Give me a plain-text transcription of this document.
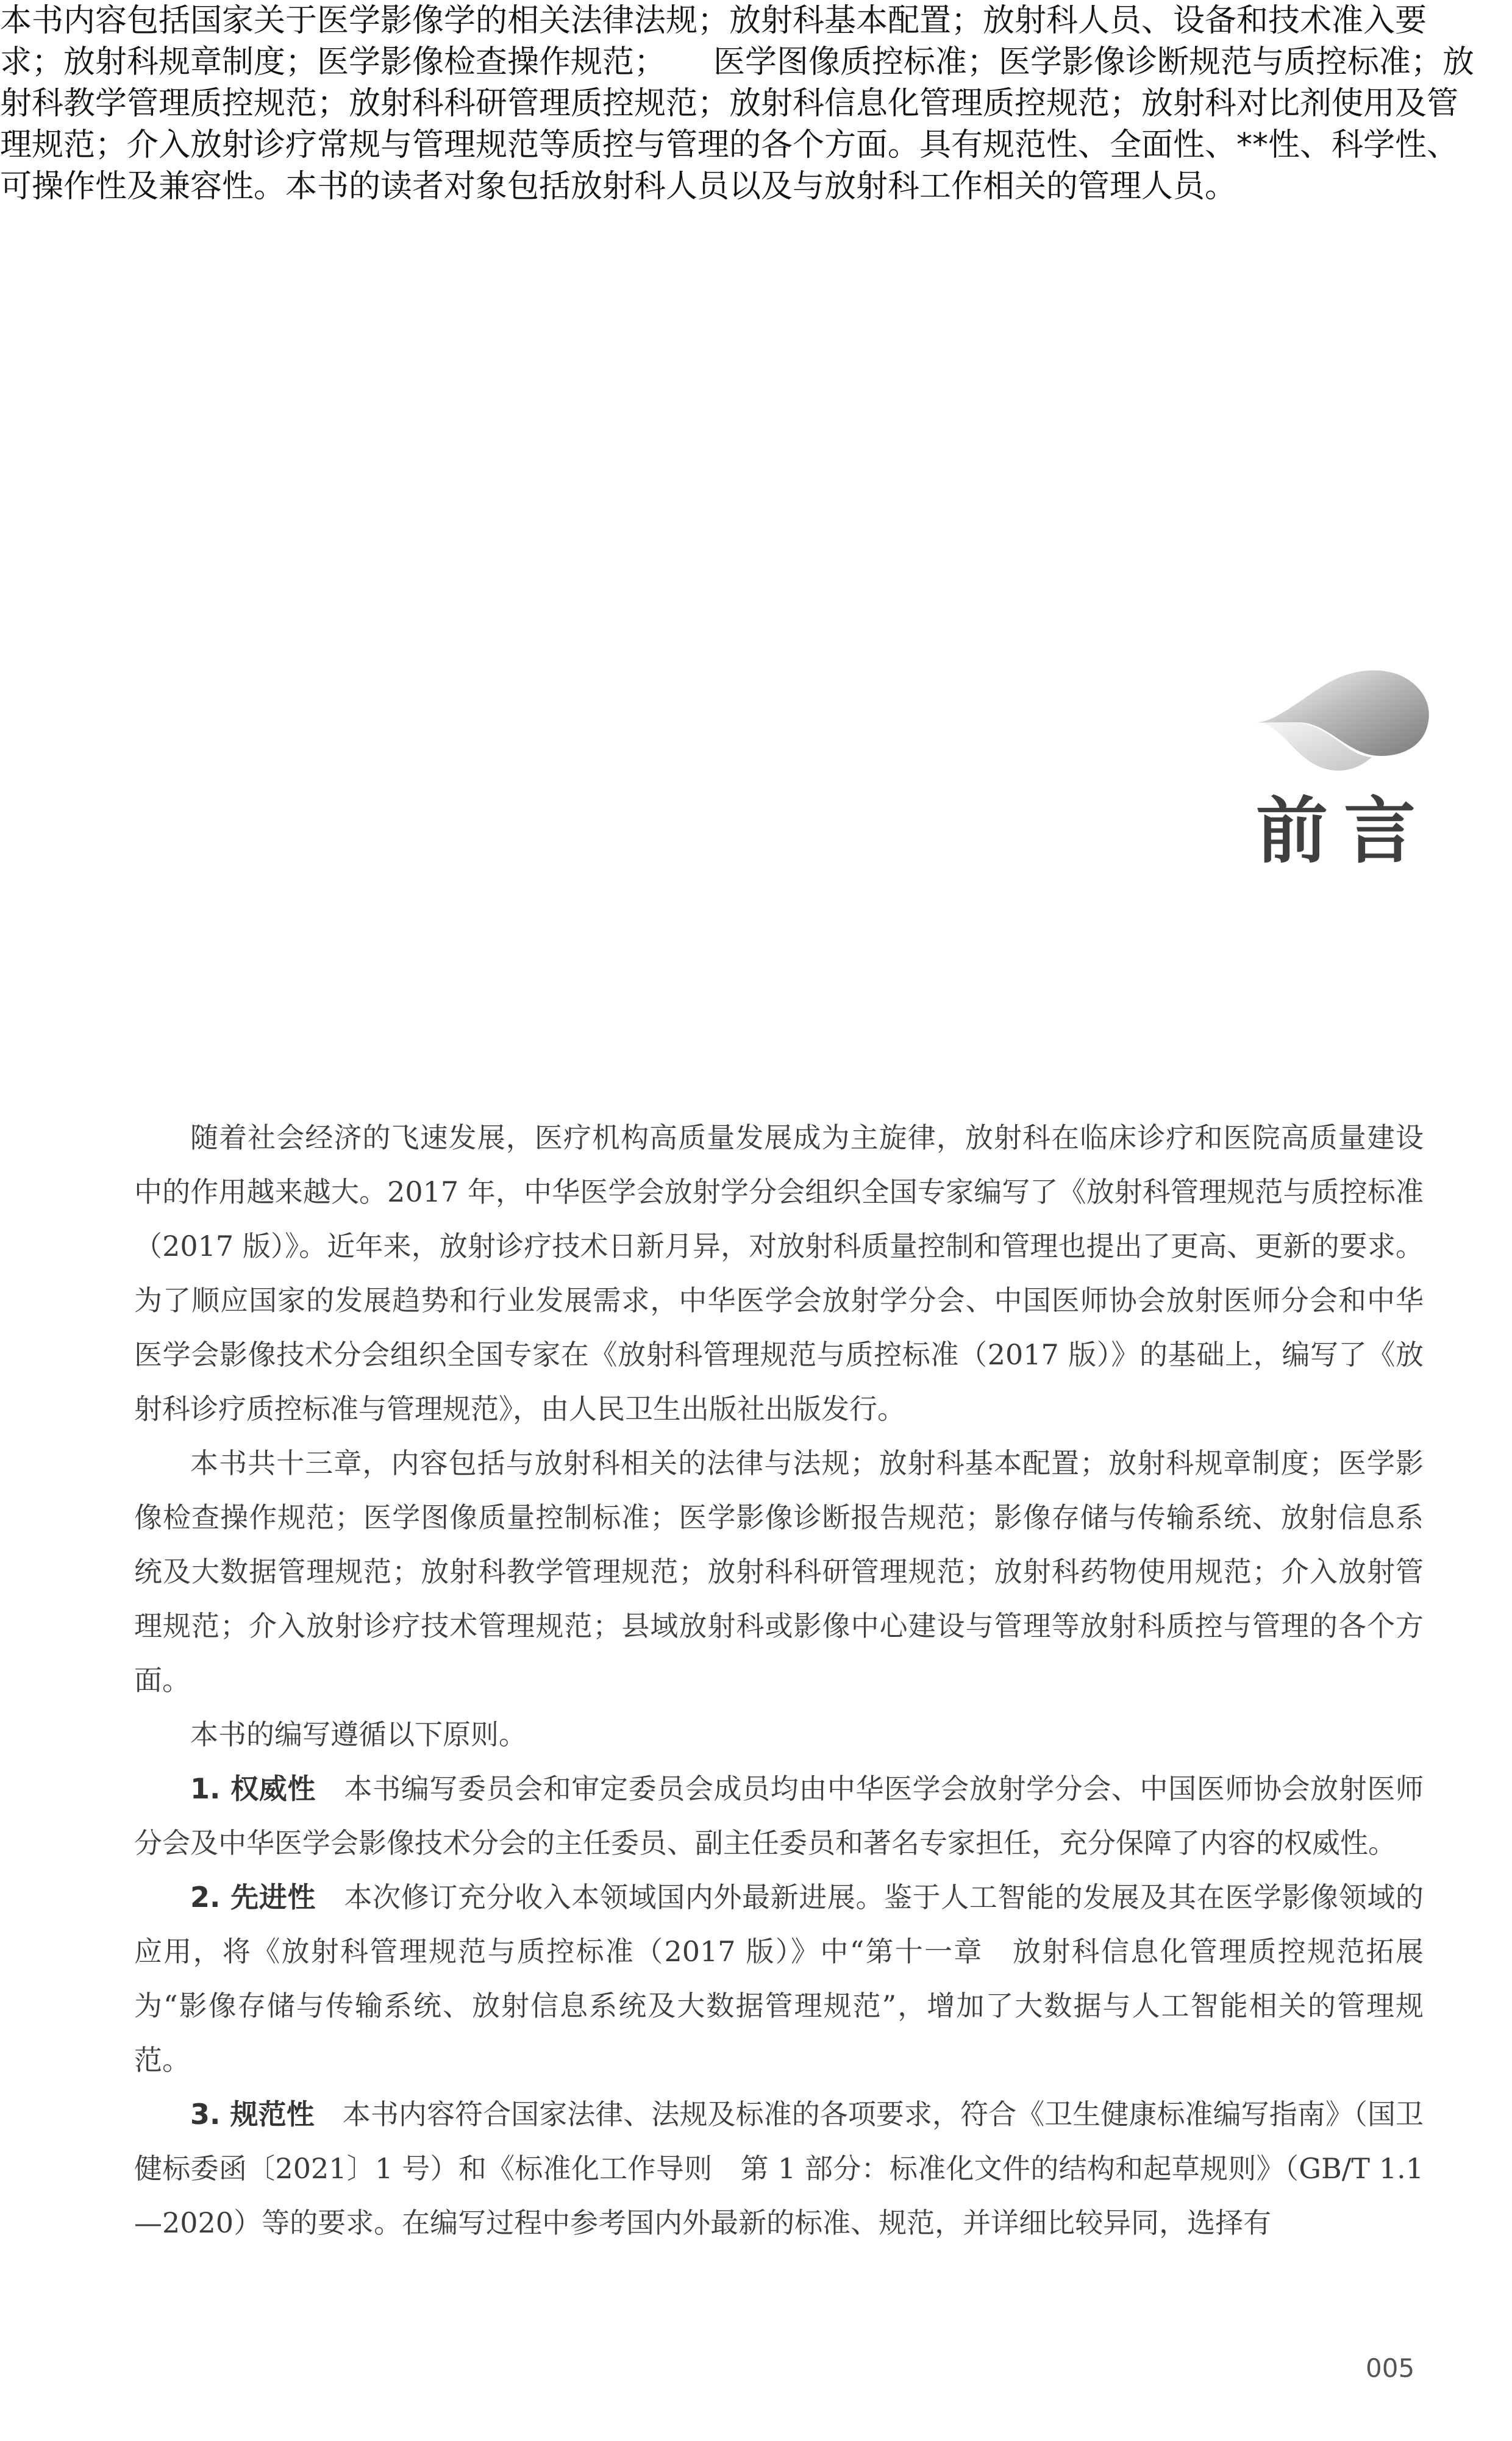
本书内容包括国家关于医学影像学的相关法律法规；放射科基本配置；放射科人员、设备和技术准入要求；放射科规章制度；医学影像检查操作规范；　　医学图像质控标准；医学影像诊断规范与质控标准；放射科教学管理质控规范；放射科科研管理质控规范；放射科信息化管理质控规范；放射科对比剂使用及管理规范；介入放射诊疗常规与管理规范等质控与管理的各个方面。具有规范性、全面性、**性、科学性、可操作性及兼容性。本书的读者对象包括放射科人员以及与放射科工作相关的管理人员。
前言

随着社会经济的飞速发展，医疗机构高质量发展成为主旋律，放射科在临床诊疗和医院高质量建设中的作用越来越大。2017 年，中华医学会放射学分会组织全国专家编写了《放射科管理规范与质控标准（2017 版）》。近年来，放射诊疗技术日新月异，对放射科质量控制和管理也提出了更高、更新的要求。为了顺应国家的发展趋势和行业发展需求，中华医学会放射学分会、中国医师协会放射医师分会和中华医学会影像技术分会组织全国专家在《放射科管理规范与质控标准（2017 版）》的基础上，编写了《放射科诊疗质控标准与管理规范》，由人民卫生出版社出版发行。

本书共十三章，内容包括与放射科相关的法律与法规；放射科基本配置；放射科规章制度；医学影像检查操作规范；医学图像质量控制标准；医学影像诊断报告规范；影像存储与传输系统、放射信息系统及大数据管理规范；放射科教学管理规范；放射科科研管理规范；放射科药物使用规范；介入放射管理规范；介入放射诊疗技术管理规范；县域放射科或影像中心建设与管理等放射科质控与管理的各个方面。

本书的编写遵循以下原则。

1. 权威性　本书编写委员会和审定委员会成员均由中华医学会放射学分会、中国医师协会放射医师分会及中华医学会影像技术分会的主任委员、副主任委员和著名专家担任，充分保障了内容的权威性。

2. 先进性　本次修订充分收入本领域国内外最新进展。鉴于人工智能的发展及其在医学影像领域的应用，将《放射科管理规范与质控标准（2017 版）》中“第十一章　放射科信息化管理质控规范拓展为“影像存储与传输系统、放射信息系统及大数据管理规范”，增加了大数据与人工智能相关的管理规范。

3. 规范性　本书内容符合国家法律、法规及标准的各项要求，符合《卫生健康标准编写指南》（国卫健标委函〔2021〕1 号）和《标准化工作导则　第 1 部分：标准化文件的结构和起草规则》（GB/T 1.1—2020）等的要求。在编写过程中参考国内外最新的标准、规范，并详细比较异同，选择有

005
